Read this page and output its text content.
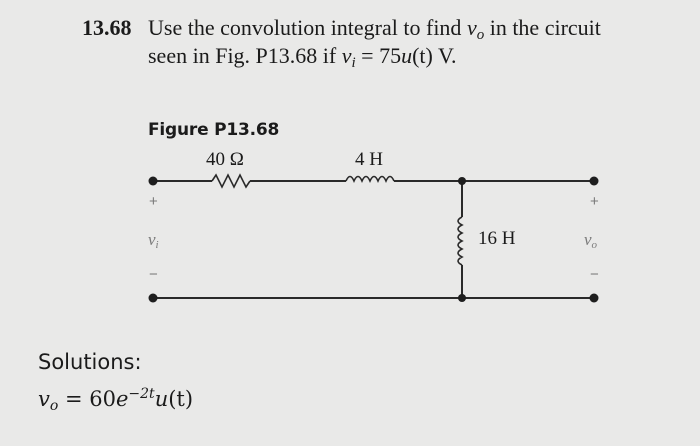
13.68 Use the convolution integral to find $v_o$ in the circuit
seen in Fig. P13.68 if $v_i = 75u(t)$ V.
Figure P13.68
40 Ω	4 H
16 H
+
vi
−
+
vo
−
Solutions:
vo = $60e^{-2t}u(t)$
